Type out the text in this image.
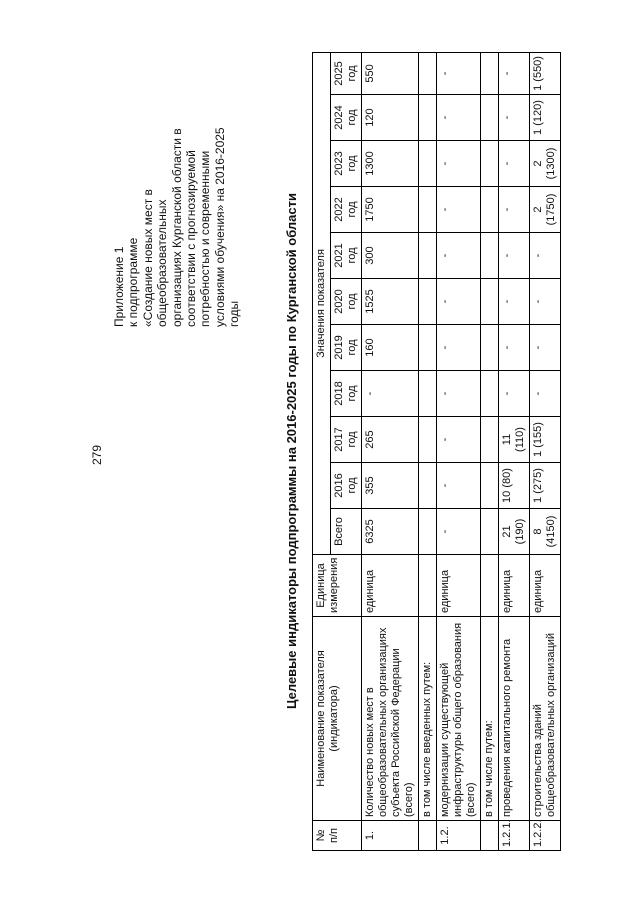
279
Приложение 1 к подпрограмме «Создание новых мест в общеобразовательных организациях Курганской области в соответствии с прогнозируемой потребностью и современными условиями обучения» на 2016-2025 годы	Целевые индикаторы подпрограммы на 2016-2025 годы по Курганской области
№ п/п	Наименование показателя (индикатора)	Единица измерения	Значения показателя										
			Всего	2016 год	2017 год	2018 год	2019 год	2020 год	2021 год	2022 год	2023 год	2024 год	2025 год
1.	Количество новых мест в общеобразовательных организациях субъекта Российской Федерации (всего)	единица	6325	355	265	-	160	1525	300	1750	1300	120	550
	в том числе введенных путем:												
1.2.	модернизации существующей инфраструктуры общего образования (всего)	единица	-	-	-	-	-	-	-	-	-	-	-
	в том числе путем:												
1.2.1.	проведения капитального ремонта	единица	21 (190)	10 (80)	11 (110)	-	-	-	-	-	-	-	-
1.2.2.	строительства зданий общеобразовательных организаций	единица	8 (4150)	1 (275)	1 (155)	-	-	-	-	2 (1750)	2 (1300)	1 (120)	1 (550)
